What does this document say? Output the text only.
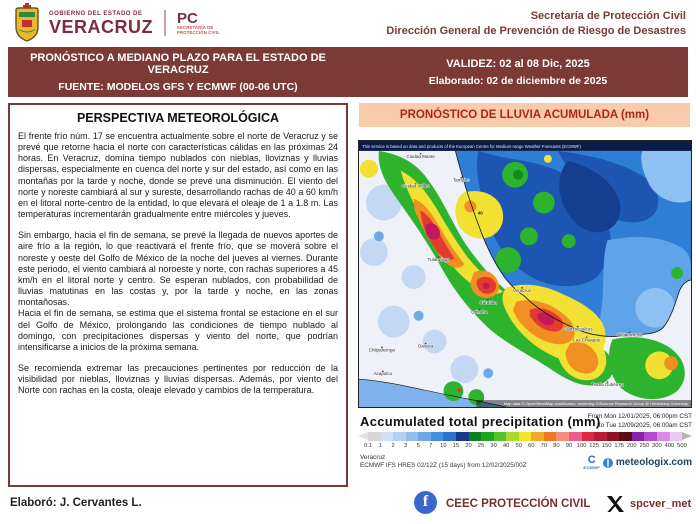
GOBIERNO DEL ESTADO DE
VERACRUZ PC
SECRETARÍA DE
PROTECCIÓN CIVIL
Secretaría de Protección Civil
Dirección General de Prevención de Riesgo de Desastres
PRONÓSTICO A MEDIANO PLAZO PARA EL ESTADO DE VERACRUZ
FUENTE: MODELOS GFS Y ECMWF (00-06 UTC)
VALIDEZ: 02 al 08 Dic, 2025
Elaborado: 02 de diciembre de 2025
PERSPECTIVA METEOROLÓGICA

El frente frío núm. 17 se encuentra actualmente sobre el norte de Veracruz y se prevé que retorne hacia el norte con características cálidas en las próximas 24 horas. En Veracruz, domina tiempo nublados con nieblas, lloviznas y lluvias dispersas, especialmente en cuenca del norte y sur del estado, así como en las montañas por la tarde y noche, donde se prevé una disminución. El viento del norte y noreste cambiará al sur y sureste, desarrollando rachas de 40 a 60 km/h en el litoral norte-centro de la entidad, lo que elevará el oleaje de 1 a 1.8 m. Las temperaturas incrementarán gradualmente entre miércoles y jueves.

Sin embargo, hacia el fin de semana, se prevé la llegada de nuevos aportes de aire frío a la región, lo que reactivará el frente frío, que se moverá sobre el noreste y oeste del Golfo de México de la noche del jueves al viernes. Durante este periodo, el viento cambiará al noroeste y norte, con rachas superiores a 45 km/h en el litoral norte y centro. Se esperan nublados, con probabilidad de lluvias matutinas en las costas y, por la tarde y noche, en las zonas montañosas.

Hacia el fin de semana, se estima que el sistema frontal se estacione en el sur del Golfo de México, prolongando las condiciones de tiempo nublado al domingo, con precipitaciones dispersas y viento del norte, que podrían intensificarse a inicios de la próxima semana.

Se recomienda extremar las precauciones pertinentes por reducción de la visibilidad por nieblas, lloviznas y lluvias dispersas. Además, por viento del Norte con rachas en la costa, oleaje elevado y cambios de la temperatura.

Elaboró: J. Cervantes L.
PRONÓSTICO DE LLUVIA ACUMULADA (mm)
40
Ciudad Mante
Tampico
Ciudad Valles
Tulancingo
Veracruz
Córdoba
Orizaba
Coatzacoalcos
Las Choapas
Villahermosa
Oaxaca
Chilpancingo
Acapulco
Tuxtla Gutiérrez
This service is based on data and products of the European Centre for Medium-range Weather Forecasts (ECMWF)
Map data © OpenStreetMap contributors, rendering GIScience Research Group @ Heidelberg University
Accumulated total precipitation (mm)
From Mon 12/01/2025, 06:00pm CST
to Tue 12/09/2025, 06:00am CST
0.1 1 2 3 5 7 10 15 20 25 30 40 50 60 70 80 90 100 125 150 175 200 250 300 400 500
Veracruz
ECMWF IFS HRES 02/12Z (15 days) from 12/02/2025/00Z	C
ECMWF meteologix.com
f	CEEC PROTECCIÓN CIVIL	spcver_met
